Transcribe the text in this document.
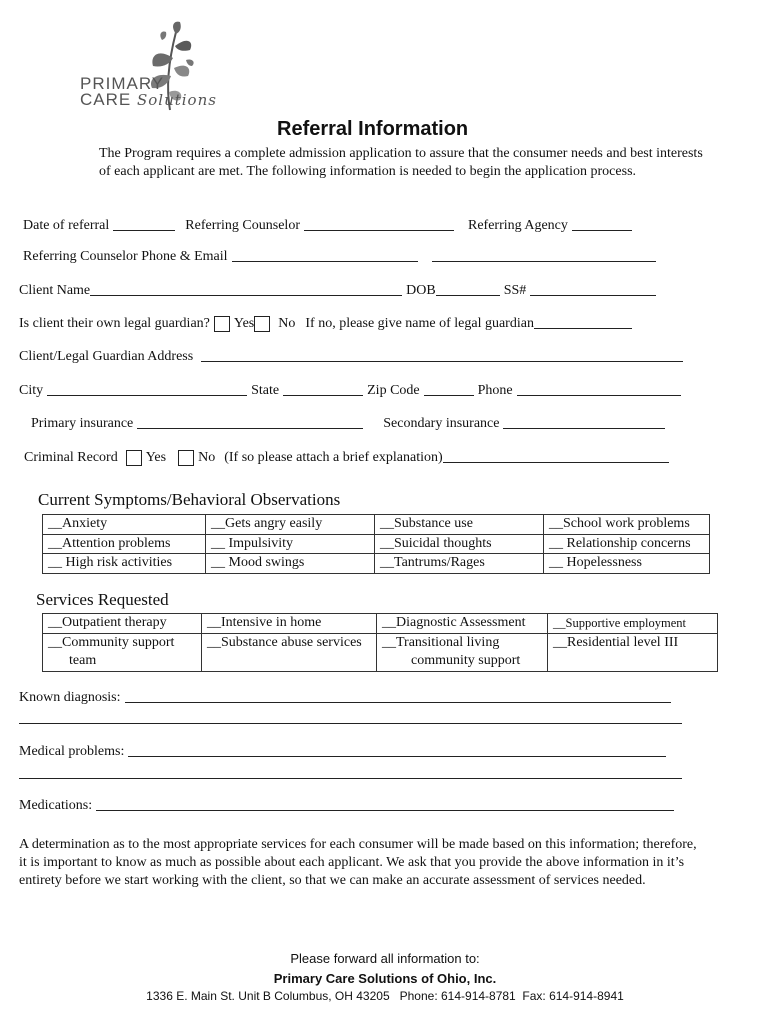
PRIMARY
CARE Solutions
Referral Information
The Program requires a complete admission application to assure that the consumer needs and best interests of each applicant are met. The following information is needed to begin the application process.
Date of referral	Referring Counselor	Referring Agency
Referring Counselor Phone & Email
Client Name	DOB	SS#
Is client their own legal guardian? Yes No If no, please give name of legal guardian
Client/Legal Guardian Address
City	State	Zip Code	Phone
Primary insurance	Secondary insurance
Criminal Record Yes No (If so please attach a brief explanation)
Current Symptoms/Behavioral Observations
__Anxiety	__Gets angry easily	__Substance use	__School work problems
__Attention problems	__ Impulsivity	__Suicidal thoughts	__ Relationship concerns
__ High risk activities	__ Mood swings	__Tantrums/Rages	__ Hopelessness
Services Requested
__Outpatient therapy	__Intensive in home	__Diagnostic Assessment	__Supportive employment
__Community support	__Substance abuse services	__Transitional living	__Residential level III
team		community support	
Known diagnosis:
Medical problems:
Medications:
A determination as to the most appropriate services for each consumer will be made based on this information; therefore, it is important to know as much as possible about each applicant. We ask that you provide the above information in it’s entirety before we start working with the client, so that we can make an accurate assessment of services needed.
Please forward all information to:
Primary Care Solutions of Ohio, Inc.
1336 E. Main St. Unit B Columbus, OH 43205   Phone: 614-914-8781  Fax: 614-914-8941
